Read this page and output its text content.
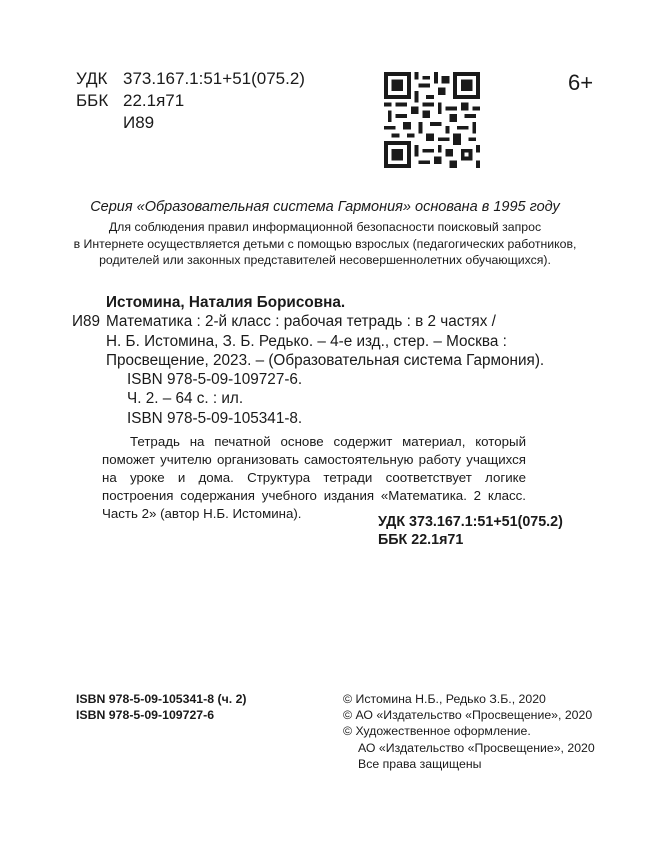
УДК 373.167.1:51+51(075.2)
ББК 22.1я71
И89
6+
Серия «Образовательная система Гармония» основана в 1995 году
Для соблюдения правил информационной безопасности поисковый запрос
в Интернете осуществляется детьми с помощью взрослых (педагогических работников,
родителей или законных представителей несовершеннолетних обучающихся).
Истомина, Наталия Борисовна.
И89 Математика : 2-й класс : рабочая тетрадь : в 2 частях /
Н. Б. Истомина, З. Б. Редько. – 4-е изд., стер. – Москва :
Просвещение, 2023. – (Образовательная система Гармония).
ISBN 978-5-09-109727-6.
Ч. 2. – 64 с. : ил.
ISBN 978-5-09-105341-8.
Тетрадь на печатной основе содержит материал, который поможет учителю организовать самостоятельную работу учащихся на уроке и дома. Структура тетради соответствует логике построения содержания учебного издания «Математика. 2 класс. Часть 2» (автор Н.Б. Истомина).
УДК 373.167.1:51+51(075.2)
ББК 22.1я71
ISBN 978-5-09-105341-8 (ч. 2)
ISBN 978-5-09-109727-6
© Истомина Н.Б., Редько З.Б., 2020
© АО «Издательство «Просвещение», 2020
© Художественное оформление.
АО «Издательство «Просвещение», 2020
Все права защищены
